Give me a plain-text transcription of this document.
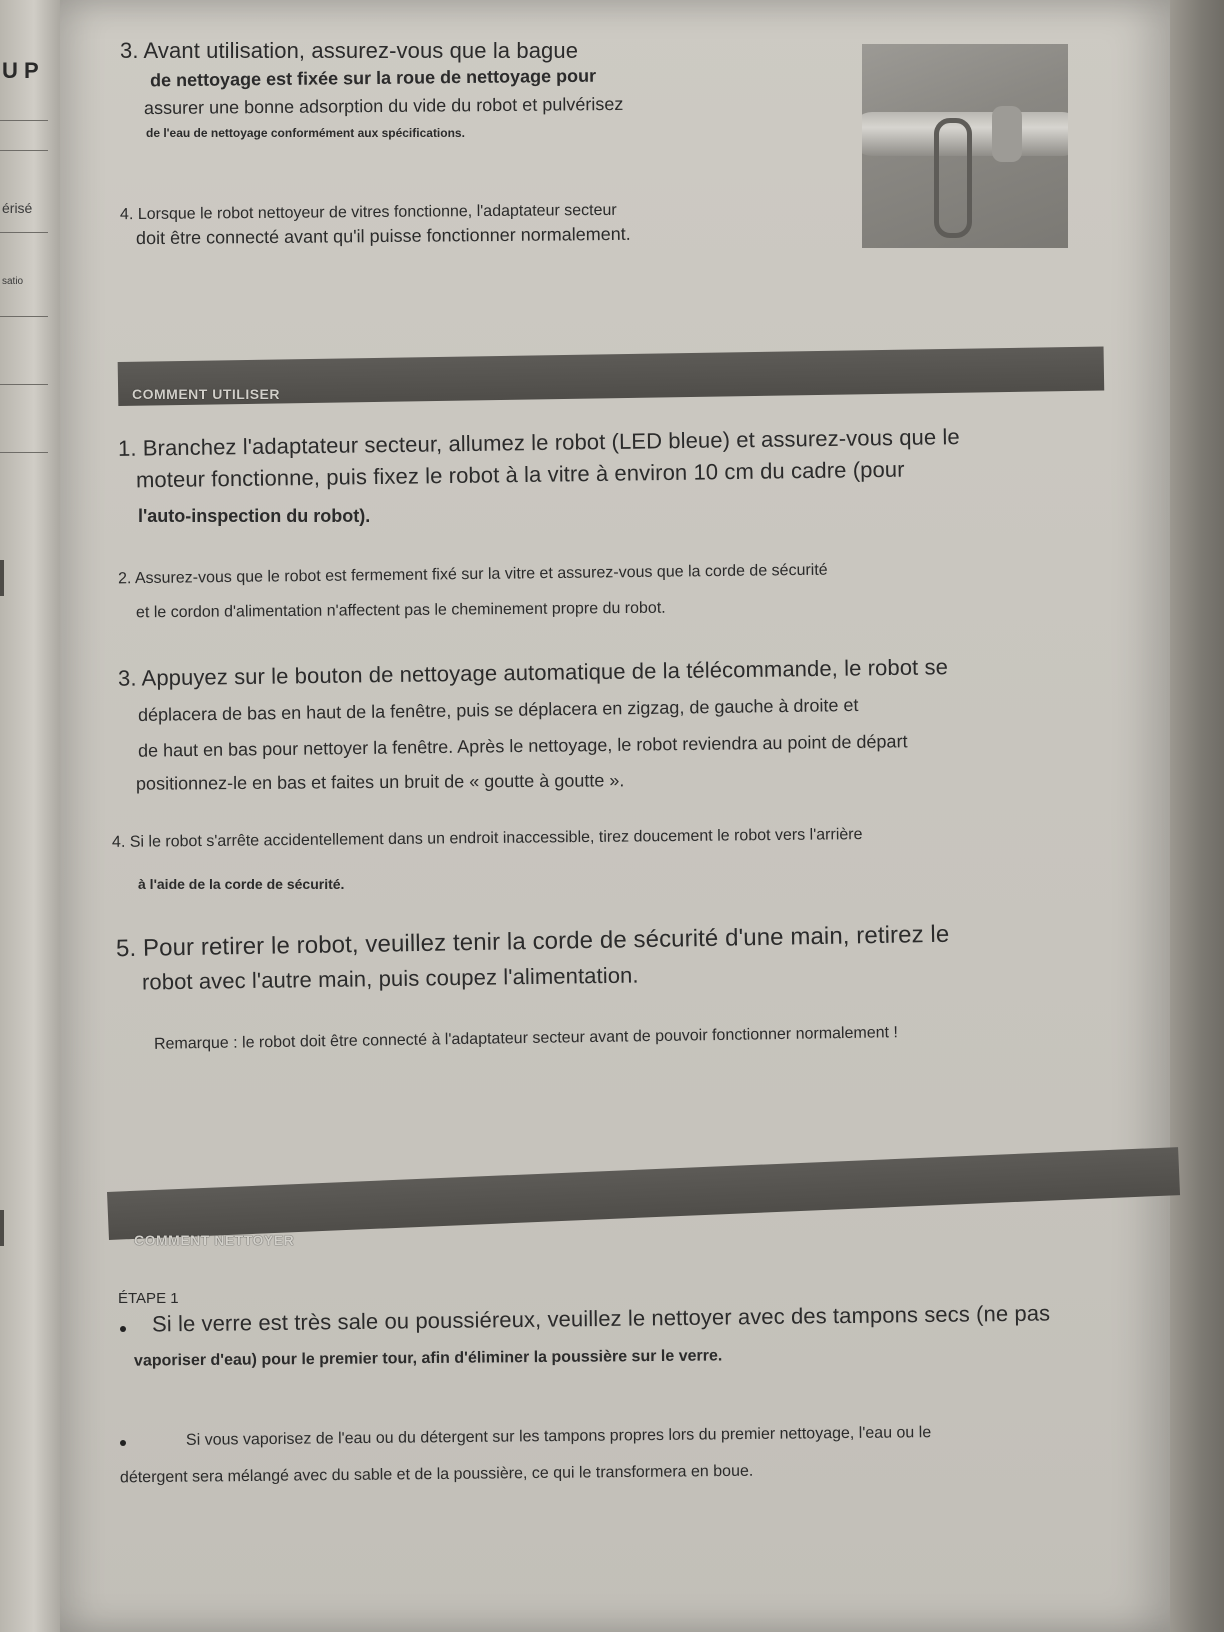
U P
érisé
satio
3. Avant utilisation, assurez-vous que la bague
de nettoyage est fixée sur la roue de nettoyage pour
assurer une bonne adsorption du vide du robot et pulvérisez
de l'eau de nettoyage conformément aux spécifications.
4. Lorsque le robot nettoyeur de vitres fonctionne, l'adaptateur secteur
doit être connecté avant qu'il puisse fonctionner normalement.
COMMENT UTILISER
1. Branchez l'adaptateur secteur, allumez le robot (LED bleue) et assurez-vous que le
moteur fonctionne, puis fixez le robot à la vitre à environ 10 cm du cadre (pour
l'auto-inspection du robot).
2. Assurez-vous que le robot est fermement fixé sur la vitre et assurez-vous que la corde de sécurité
et le cordon d'alimentation n'affectent pas le cheminement propre du robot.
3. Appuyez sur le bouton de nettoyage automatique de la télécommande, le robot se
déplacera de bas en haut de la fenêtre, puis se déplacera en zigzag, de gauche à droite et
de haut en bas pour nettoyer la fenêtre. Après le nettoyage, le robot reviendra au point de départ
positionnez-le en bas et faites un bruit de « goutte à goutte ».
4. Si le robot s'arrête accidentellement dans un endroit inaccessible, tirez doucement le robot vers l'arrière
à l'aide de la corde de sécurité.
5. Pour retirer le robot, veuillez tenir la corde de sécurité d'une main, retirez le
robot avec l'autre main, puis coupez l'alimentation.
Remarque : le robot doit être connecté à l'adaptateur secteur avant de pouvoir fonctionner normalement !
COMMENT NETTOYER
ÉTAPE 1
Si le verre est très sale ou poussiéreux, veuillez le nettoyer avec des tampons secs (ne pas
vaporiser d'eau) pour le premier tour, afin d'éliminer la poussière sur le verre.
Si vous vaporisez de l'eau ou du détergent sur les tampons propres lors du premier nettoyage, l'eau ou le
détergent sera mélangé avec du sable et de la poussière, ce qui le transformera en boue.
